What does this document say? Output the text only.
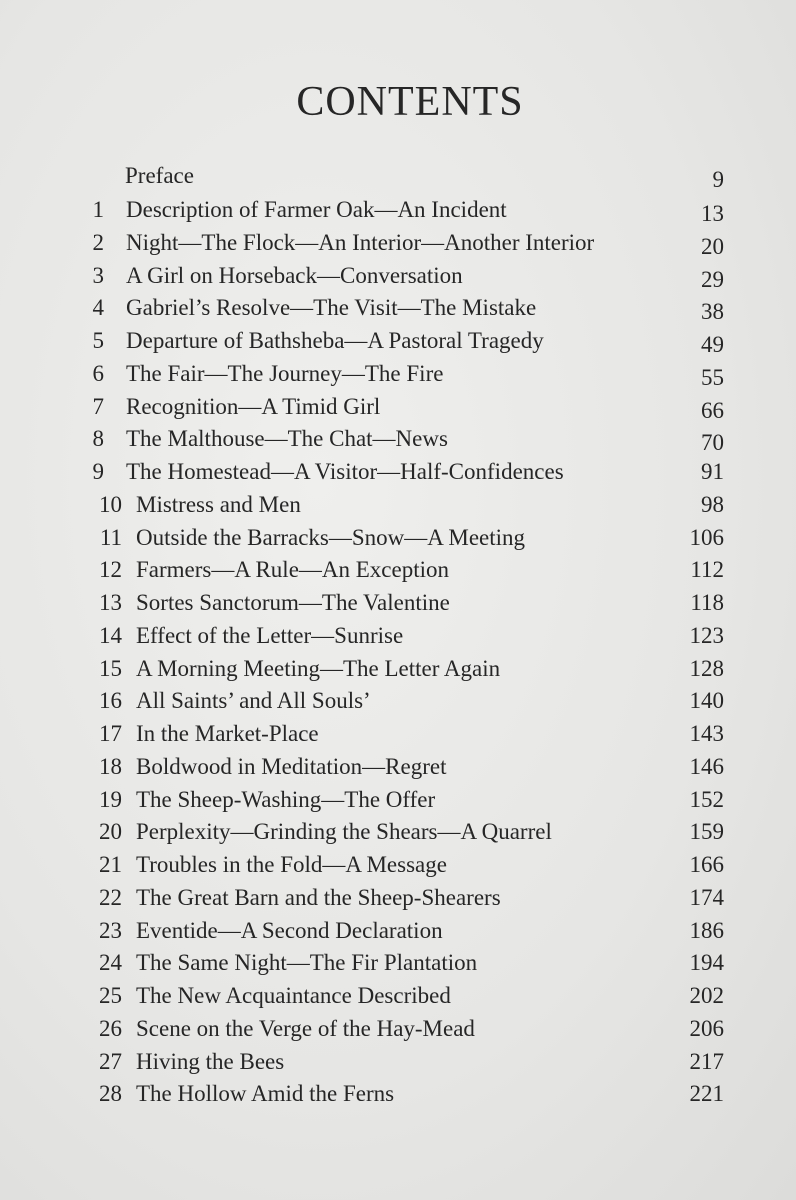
CONTENTS
Preface	9
1 Description of Farmer Oak—An Incident	13
2 Night—The Flock—An Interior—Another Interior	20
3 A Girl on Horseback—Conversation	29
4 Gabriel’s Resolve—The Visit—The Mistake	38
5 Departure of Bathsheba—A Pastoral Tragedy	49
6 The Fair—The Journey—The Fire	55
7 Recognition—A Timid Girl	66
8 The Malthouse—The Chat—News	70
9 The Homestead—A Visitor—Half-Confidences	91
10 Mistress and Men	98
11 Outside the Barracks—Snow—A Meeting	106
12 Farmers—A Rule—An Exception	112
13 Sortes Sanctorum—The Valentine	118
14 Effect of the Letter—Sunrise	123
15 A Morning Meeting—The Letter Again	128
16 All Saints’ and All Souls’	140
17 In the Market-Place	143
18 Boldwood in Meditation—Regret	146
19 The Sheep-Washing—The Offer	152
20 Perplexity—Grinding the Shears—A Quarrel	159
21 Troubles in the Fold—A Message	166
22 The Great Barn and the Sheep-Shearers	174
23 Eventide—A Second Declaration	186
24 The Same Night—The Fir Plantation	194
25 The New Acquaintance Described	202
26 Scene on the Verge of the Hay-Mead	206
27 Hiving the Bees	217
28 The Hollow Amid the Ferns	221
